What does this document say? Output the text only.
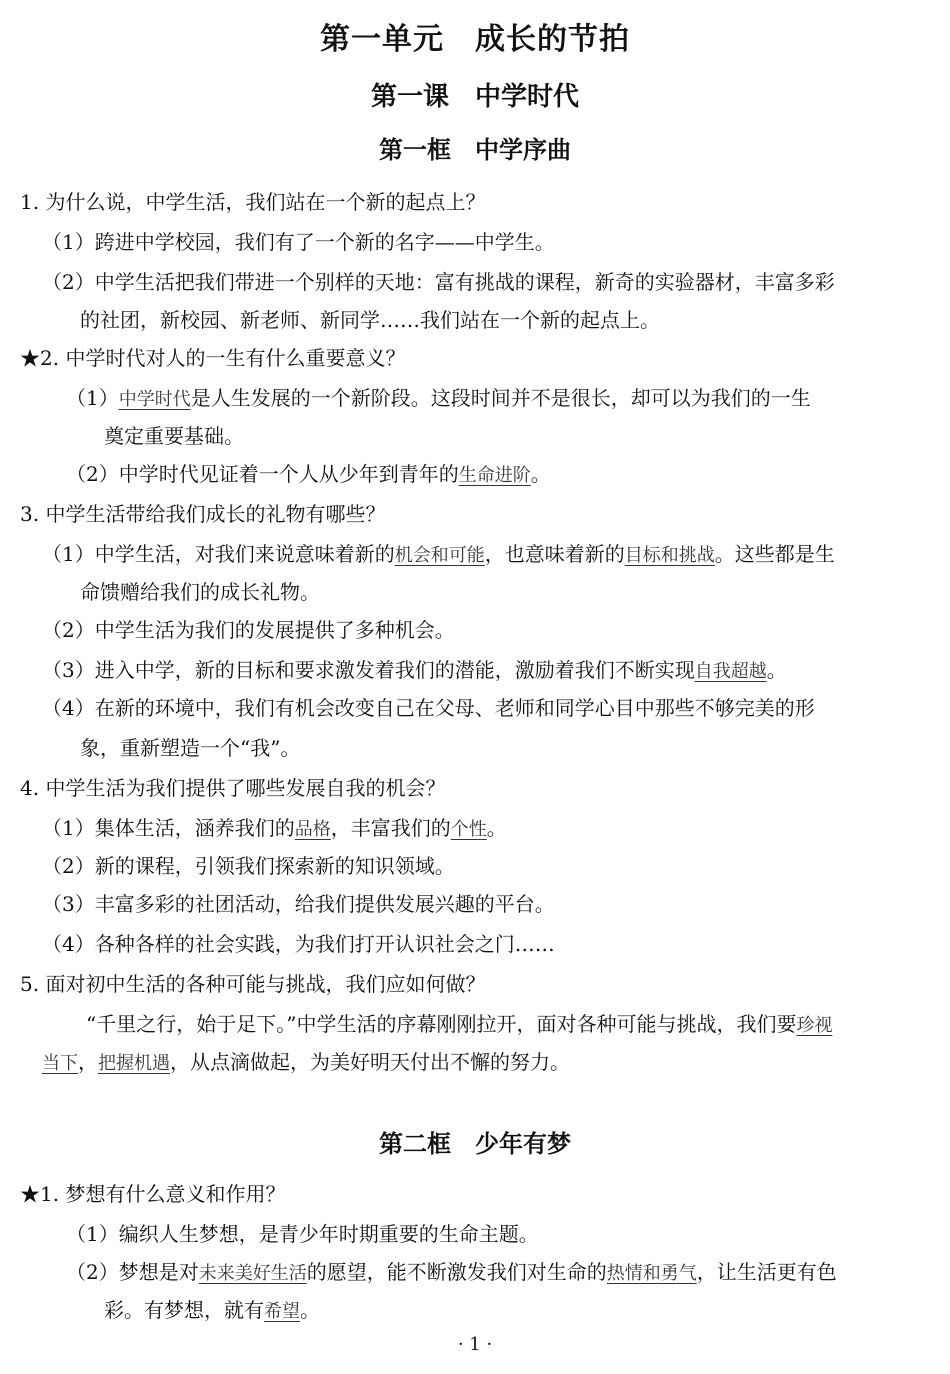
第一单元　成长的节拍
第一课　中学时代
第一框　中学序曲
1. 为什么说，中学生活，我们站在一个新的起点上？
（1）跨进中学校园，我们有了一个新的名字——中学生。
（2）中学生活把我们带进一个别样的天地：富有挑战的课程，新奇的实验器材，丰富多彩
的社团，新校园、新老师、新同学……我们站在一个新的起点上。
★2. 中学时代对人的一生有什么重要意义？
（1）中学时代是人生发展的一个新阶段。这段时间并不是很长，却可以为我们的一生
奠定重要基础。
（2）中学时代见证着一个人从少年到青年的生命进阶。
3. 中学生活带给我们成长的礼物有哪些？
（1）中学生活，对我们来说意味着新的机会和可能，也意味着新的目标和挑战。这些都是生
命馈赠给我们的成长礼物。
（2）中学生活为我们的发展提供了多种机会。
（3）进入中学，新的目标和要求激发着我们的潜能，激励着我们不断实现自我超越。
（4）在新的环境中，我们有机会改变自己在父母、老师和同学心目中那些不够完美的形
象，重新塑造一个“我”。
4. 中学生活为我们提供了哪些发展自我的机会？
（1）集体生活，涵养我们的品格，丰富我们的个性。
（2）新的课程，引领我们探索新的知识领域。
（3）丰富多彩的社团活动，给我们提供发展兴趣的平台。
（4）各种各样的社会实践，为我们打开认识社会之门……
5. 面对初中生活的各种可能与挑战，我们应如何做？
“千里之行，始于足下。”中学生活的序幕刚刚拉开，面对各种可能与挑战，我们要珍视
当下，把握机遇，从点滴做起，为美好明天付出不懈的努力。
第二框　少年有梦
★1. 梦想有什么意义和作用？
（1）编织人生梦想，是青少年时期重要的生命主题。
（2）梦想是对未来美好生活的愿望，能不断激发我们对生命的热情和勇气，让生活更有色
彩。有梦想，就有希望。
· 1 ·
